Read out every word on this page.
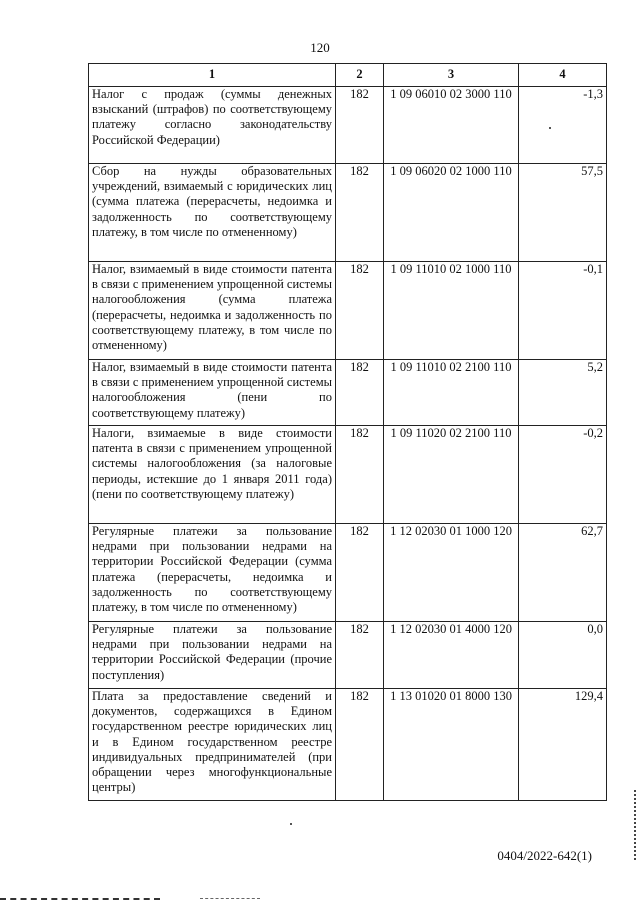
120
1	2	3	4
Налог с продаж (суммы денежных взысканий (штрафов) по соответствующему платежу согласно законодательству Российской Федерации)	182	1 09 06010 02 3000 110	-1,3
Сбор на нужды образовательных учреждений, взимаемый с юридических лиц (сумма платежа (перерасчеты, недоимка и задолженность по соответствующему платежу, в том числе по отмененному)	182	1 09 06020 02 1000 110	57,5
Налог, взимаемый в виде стоимости патента в связи с применением упрощенной системы налогообложения (сумма платежа (перерасчеты, недоимка и задолженность по соответствующему платежу, в том числе по отмененному)	182	1 09 11010 02 1000 110	-0,1
Налог, взимаемый в виде стоимости патента в связи с применением упрощенной системы налогообложения (пени по соответствующему платежу)	182	1 09 11010 02 2100 110	5,2
Налоги, взимаемые в виде стоимости патента в связи с применением упрощенной системы налогообложения (за налоговые периоды, истекшие до 1 января 2011 года) (пени по соответствующему платежу)	182	1 09 11020 02 2100 110	-0,2
Регулярные платежи за пользование недрами при пользовании недрами на территории Российской Федерации (сумма платежа (перерасчеты, недоимка и задолженность по соответствующему платежу, в том числе по отмененному)	182	1 12 02030 01 1000 120	62,7
Регулярные платежи за пользование недрами при пользовании недрами на территории Российской Федерации (прочие поступления)	182	1 12 02030 01 4000 120	0,0
Плата за предоставление сведений и документов, содержащихся в Едином государственном реестре юридических лиц и в Едином государственном реестре индивидуальных предпринимателей (при обращении через многофункциональные центры)	182	1 13 01020 01 8000 130	129,4
0404/2022-642(1)
